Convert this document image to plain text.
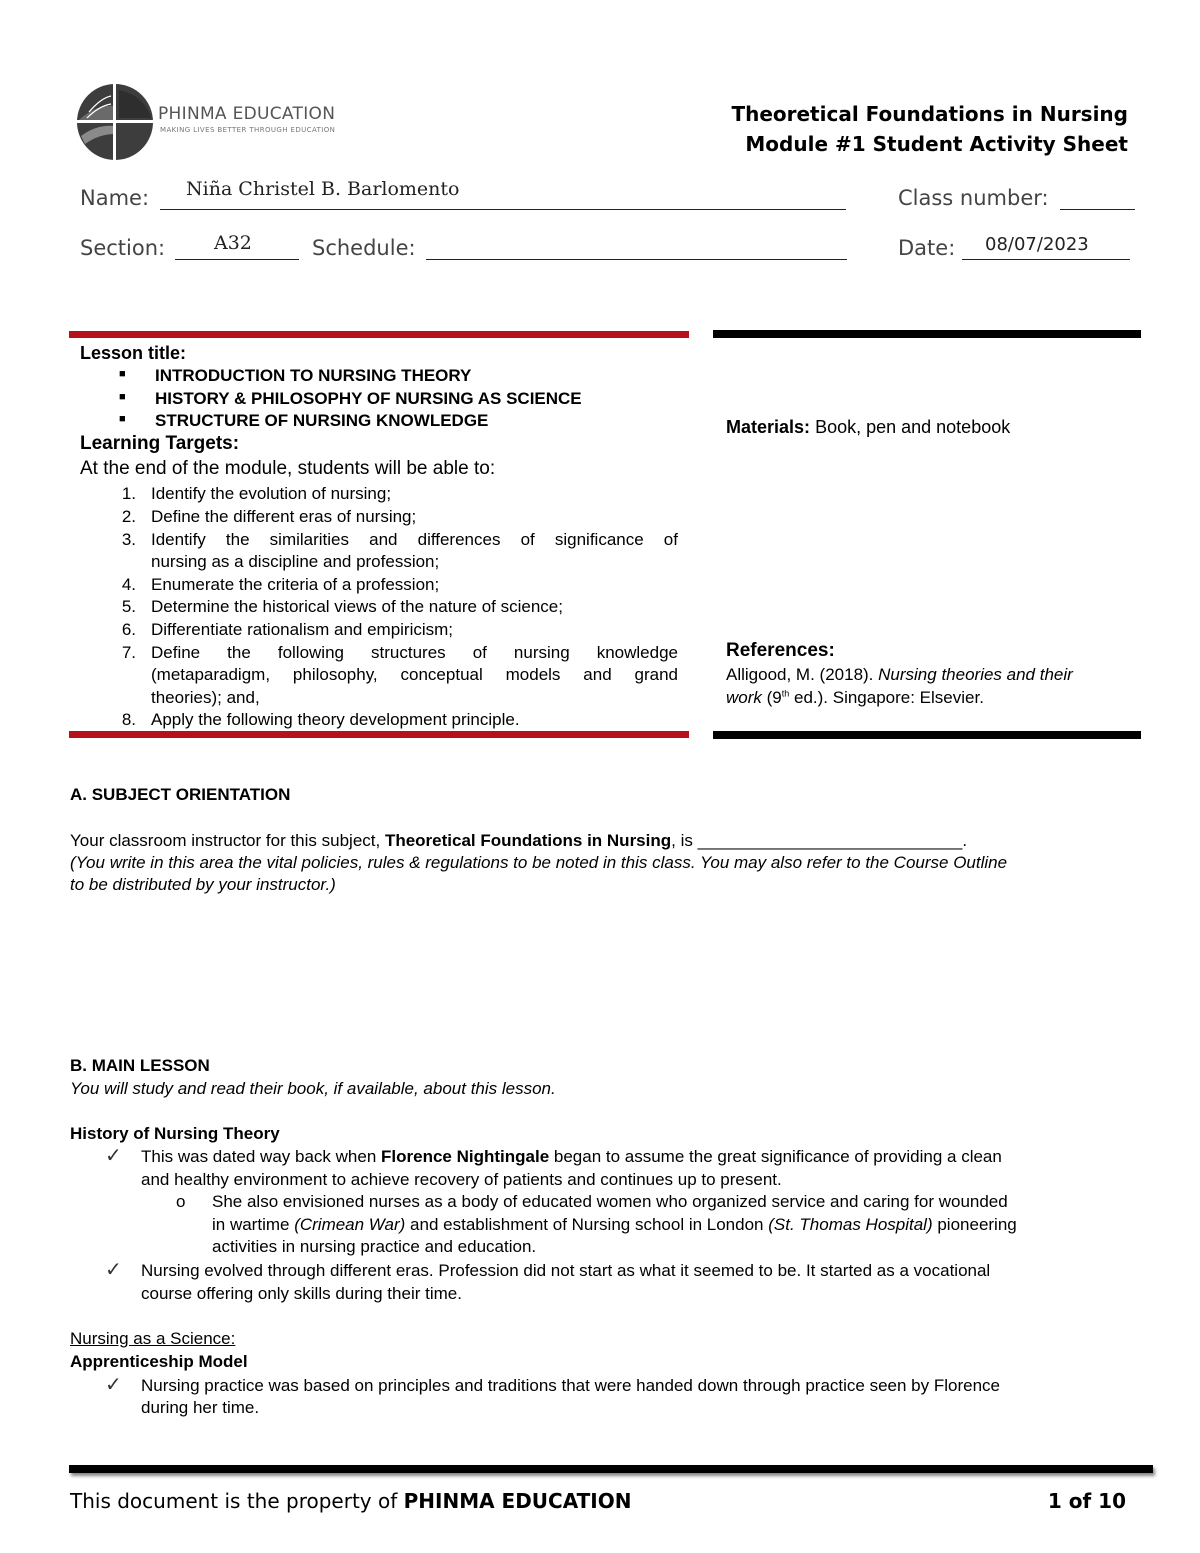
PHINMA EDUCATION
MAKING LIVES BETTER THROUGH EDUCATION
Theoretical Foundations in Nursing
Module #1 Student Activity Sheet
Name: Niña Christel B. Barlomento	Class number:
Section:	A32	Schedule:	Date: 08/07/2023
Lesson title:
■ INTRODUCTION TO NURSING THEORY
■ HISTORY & PHILOSOPHY OF NURSING AS SCIENCE
■ STRUCTURE OF NURSING KNOWLEDGE
Learning Targets:
At the end of the module, students will be able to:
1. Identify the evolution of nursing;
2. Define the different eras of nursing;
3. Identify the similarities and differences of significance of
nursing as a discipline and profession;
4. Enumerate the criteria of a profession;
5. Determine the historical views of the nature of science;
6. Differentiate rationalism and empiricism;
7. Define the following structures of nursing knowledge
(metaparadigm, philosophy, conceptual models and grand
theories); and,
8. Apply the following theory development principle.
Materials: Book, pen and notebook
References:
Alligood, M. (2018). Nursing theories and their
work (9th ed.). Singapore: Elsevier.
A. SUBJECT ORIENTATION
Your classroom instructor for this subject, Theoretical Foundations in Nursing, is ____________________________.
(You write in this area the vital policies, rules & regulations to be noted in this class. You may also refer to the Course Outline
to be distributed by your instructor.)
B. MAIN LESSON
You will study and read their book, if available, about this lesson.
History of Nursing Theory
✓ This was dated way back when Florence Nightingale began to assume the great significance of providing a clean
and healthy environment to achieve recovery of patients and continues up to present.
o She also envisioned nurses as a body of educated women who organized service and caring for wounded
in wartime (Crimean War) and establishment of Nursing school in London (St. Thomas Hospital) pioneering
activities in nursing practice and education.
✓ Nursing evolved through different eras. Profession did not start as what it seemed to be. It started as a vocational
course offering only skills during their time.
Nursing as a Science:
Apprenticeship Model
✓ Nursing practice was based on principles and traditions that were handed down through practice seen by Florence
during her time.
This document is the property of PHINMA EDUCATION	1 of 10
